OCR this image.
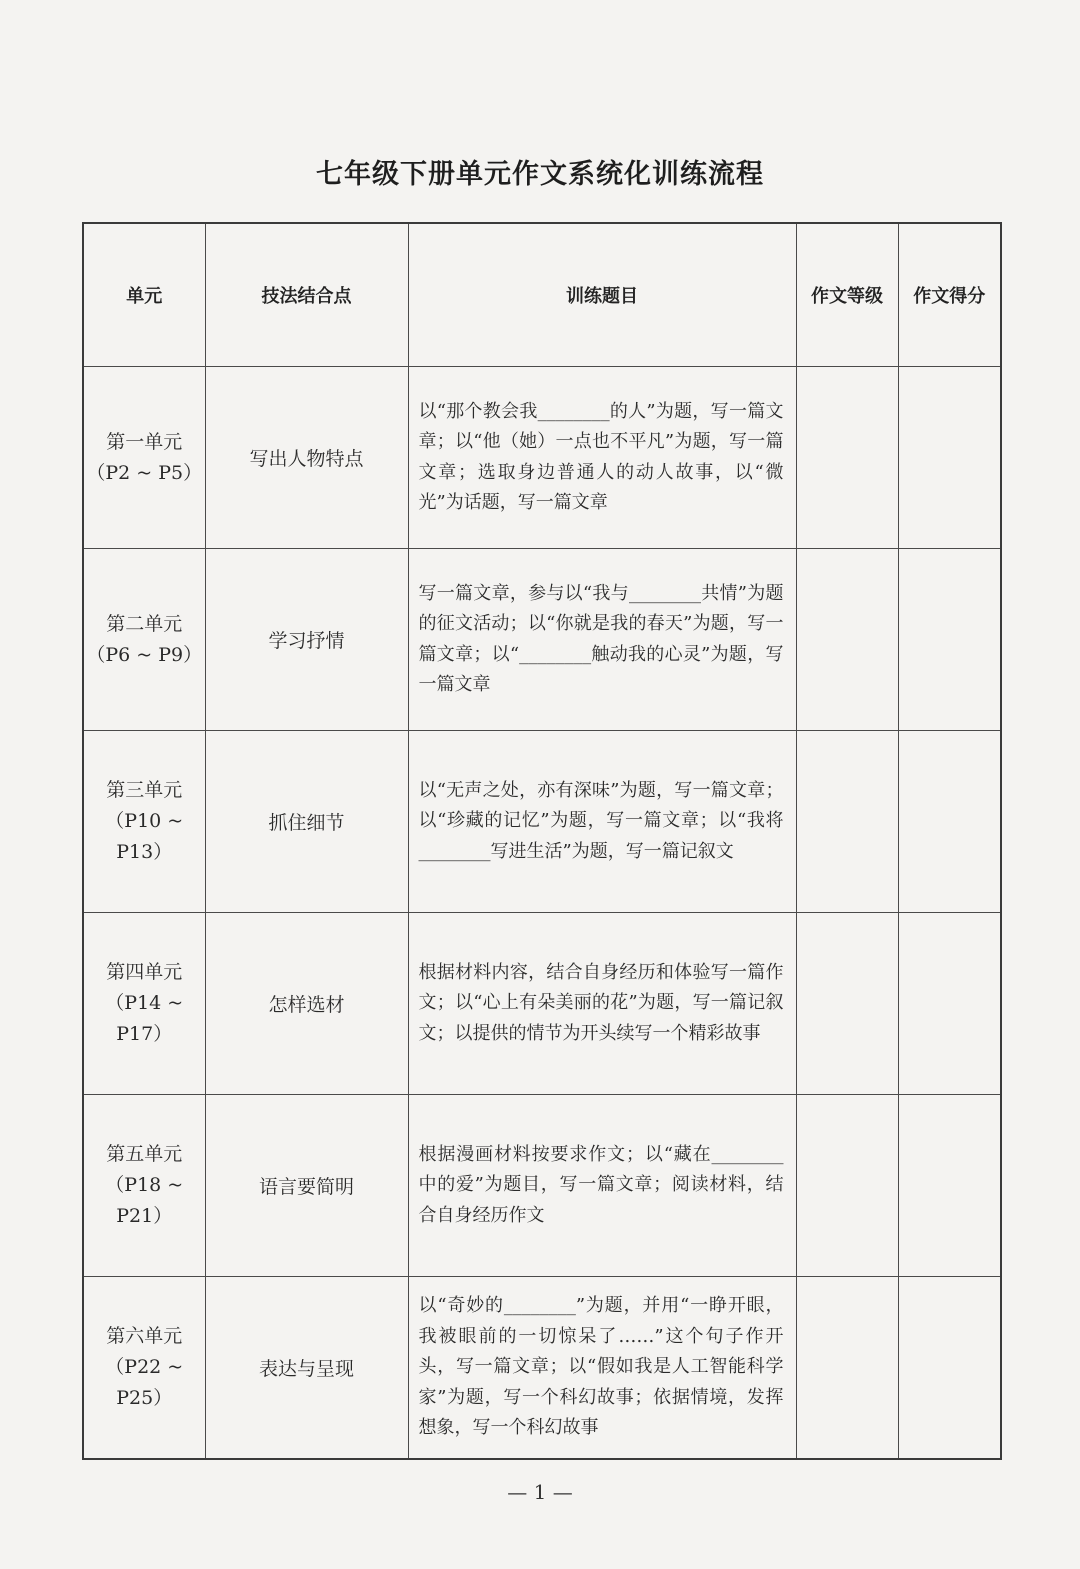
七年级下册单元作文系统化训练流程
单元	技法结合点	训练题目	作文等级	作文得分

第一单元
（P2 ~ P5）	写出人物特点	以“那个教会我________的人”为题，写一篇文章；以“他（她）一点也不平凡”为题，写一篇文章；选取身边普通人的动人故事，以“微光”为话题，写一篇文章		

第二单元
（P6 ~ P9）	学习抒情	写一篇文章，参与以“我与________共情”为题的征文活动；以“你就是我的春天”为题，写一篇文章；以“________触动我的心灵”为题，写一篇文章		

第三单元
（P10 ~ P13）	抓住细节	以“无声之处，亦有深味”为题，写一篇文章；以“珍藏的记忆”为题，写一篇文章；以“我将________写进生活”为题，写一篇记叙文		

第四单元
（P14 ~ P17）	怎样选材	根据材料内容，结合自身经历和体验写一篇作文；以“心上有朵美丽的花”为题，写一篇记叙文；以提供的情节为开头续写一个精彩故事		

第五单元
（P18 ~ P21）	语言要简明	根据漫画材料按要求作文；以“藏在________中的爱”为题目，写一篇文章；阅读材料，结合自身经历作文		

第六单元
（P22 ~ P25）	表达与呈现	以“奇妙的________”为题，并用“一睁开眼，我被眼前的一切惊呆了……”这个句子作开头，写一篇文章；以“假如我是人工智能科学家”为题，写一个科幻故事；依据情境，发挥想象，写一个科幻故事		
— 1 —
